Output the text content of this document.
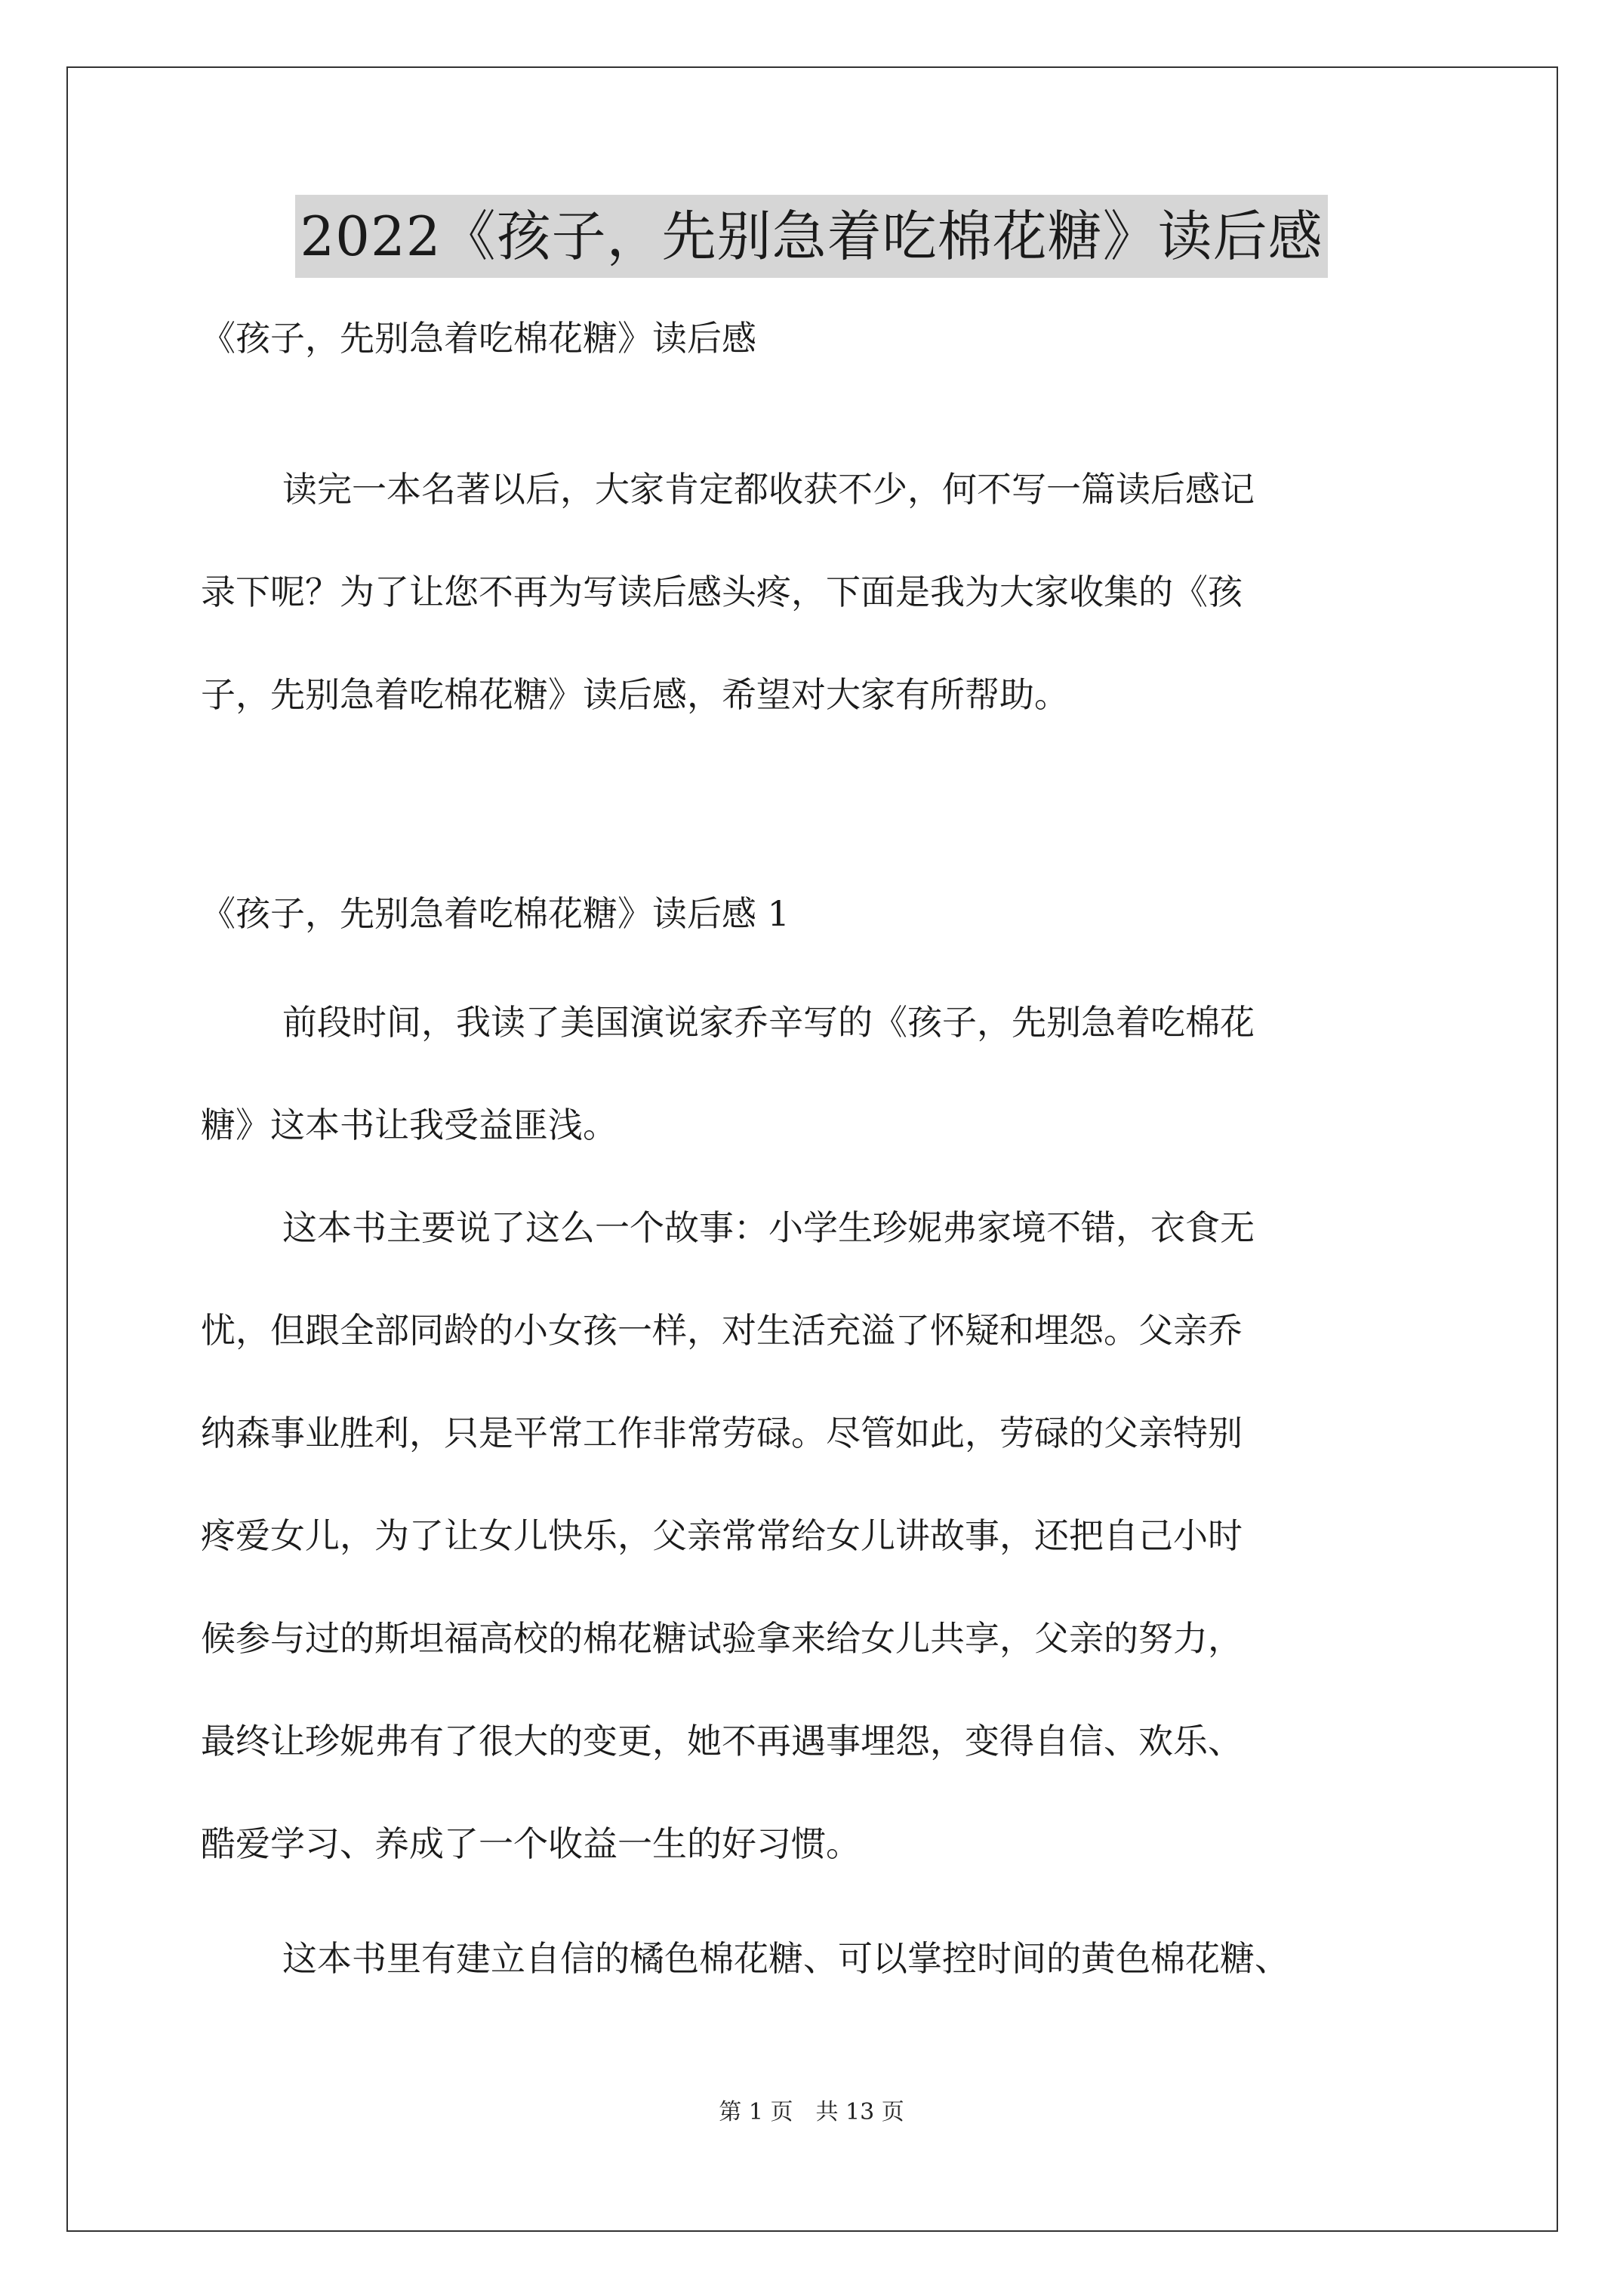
2022《孩子，先别急着吃棉花糖》读后感
《孩子，先别急着吃棉花糖》读后感
读完一本名著以后，大家肯定都收获不少，何不写一篇读后感记
录下呢？为了让您不再为写读后感头疼，下面是我为大家收集的《孩
子，先别急着吃棉花糖》读后感，希望对大家有所帮助。
《孩子，先别急着吃棉花糖》读后感 1
前段时间，我读了美国演说家乔辛写的《孩子，先别急着吃棉花
糖》这本书让我受益匪浅。
这本书主要说了这么一个故事：小学生珍妮弗家境不错，衣食无
忧，但跟全部同龄的小女孩一样，对生活充溢了怀疑和埋怨。父亲乔
纳森事业胜利，只是平常工作非常劳碌。尽管如此，劳碌的父亲特别
疼爱女儿，为了让女儿快乐，父亲常常给女儿讲故事，还把自己小时
候参与过的斯坦福高校的棉花糖试验拿来给女儿共享，父亲的努力，
最终让珍妮弗有了很大的变更，她不再遇事埋怨，变得自信、欢乐、
酷爱学习、养成了一个收益一生的好习惯。
这本书里有建立自信的橘色棉花糖、可以掌控时间的黄色棉花糖、
第 1 页　共 13 页
